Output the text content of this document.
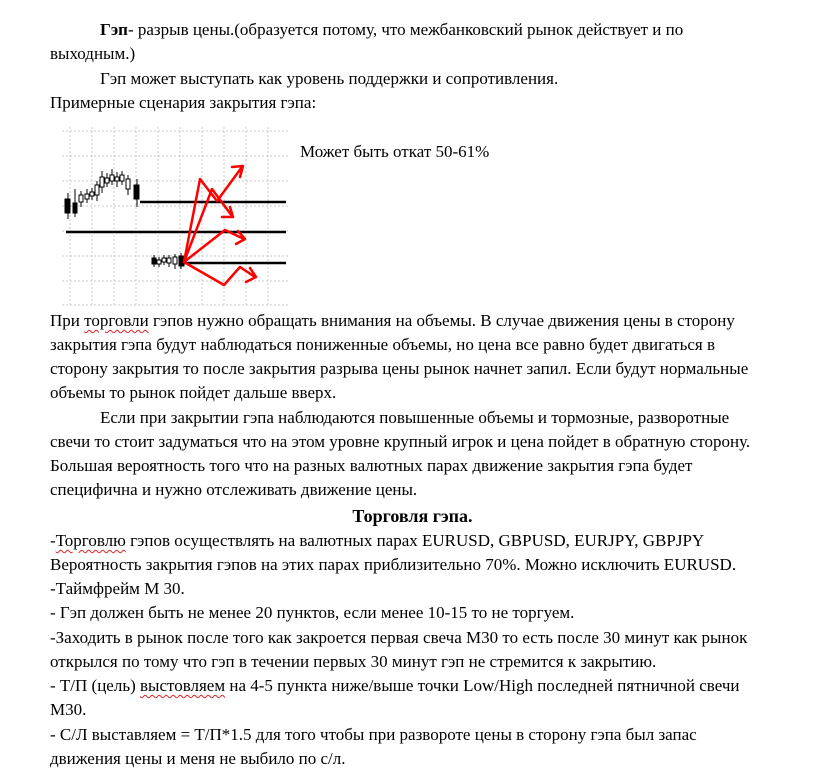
Гэп- разрыв цены.(образуется потому, что межбанковский рынок действует и по
выходным.)
Гэп может выступать как уровень поддержки и сопротивления.
Примерные сценария закрытия гэпа:
Может быть откат 50-61%
При торговли гэпов нужно обращать внимания на объемы. В случае движения цены в сторону
закрытия гэпа будут наблюдаться пониженные объемы, но цена все равно будет двигаться в
сторону закрытия то после закрытия разрыва цены рынок начнет запил. Если будут нормальные
объемы то рынок пойдет дальше вверх.
Если при закрытии гэпа наблюдаются повышенные объемы и тормозные, разворотные
свечи то стоит задуматься что на этом уровне крупный игрок и цена пойдет в обратную сторону.
Большая вероятность того что на разных валютных парах движение закрытия гэпа будет
специфична и нужно отслеживать движение цены.
Торговля гэпа.
-Торговлю гэпов осуществлять на валютных парах EURUSD, GBPUSD, EURJPY, GBPJPY
Вероятность закрытия гэпов на этих парах приблизительно 70%. Можно исключить EURUSD.
-Таймфрейм М 30.
- Гэп должен быть не менее 20 пунктов, если менее 10-15 то не торгуем.
-Заходить в рынок после того как закроется первая свеча М30 то есть после 30 минут как рынок
открылся по тому что гэп в течении первых 30 минут гэп не стремится к закрытию.
- Т/П (цель) выстовляем на 4-5 пункта ниже/выше точки Low/High последней пятничной свечи
М30.
- С/Л выставляем = Т/П*1.5 для того чтобы при развороте цены в сторону гэпа был запас
движения цены и меня не выбило по с/л.
